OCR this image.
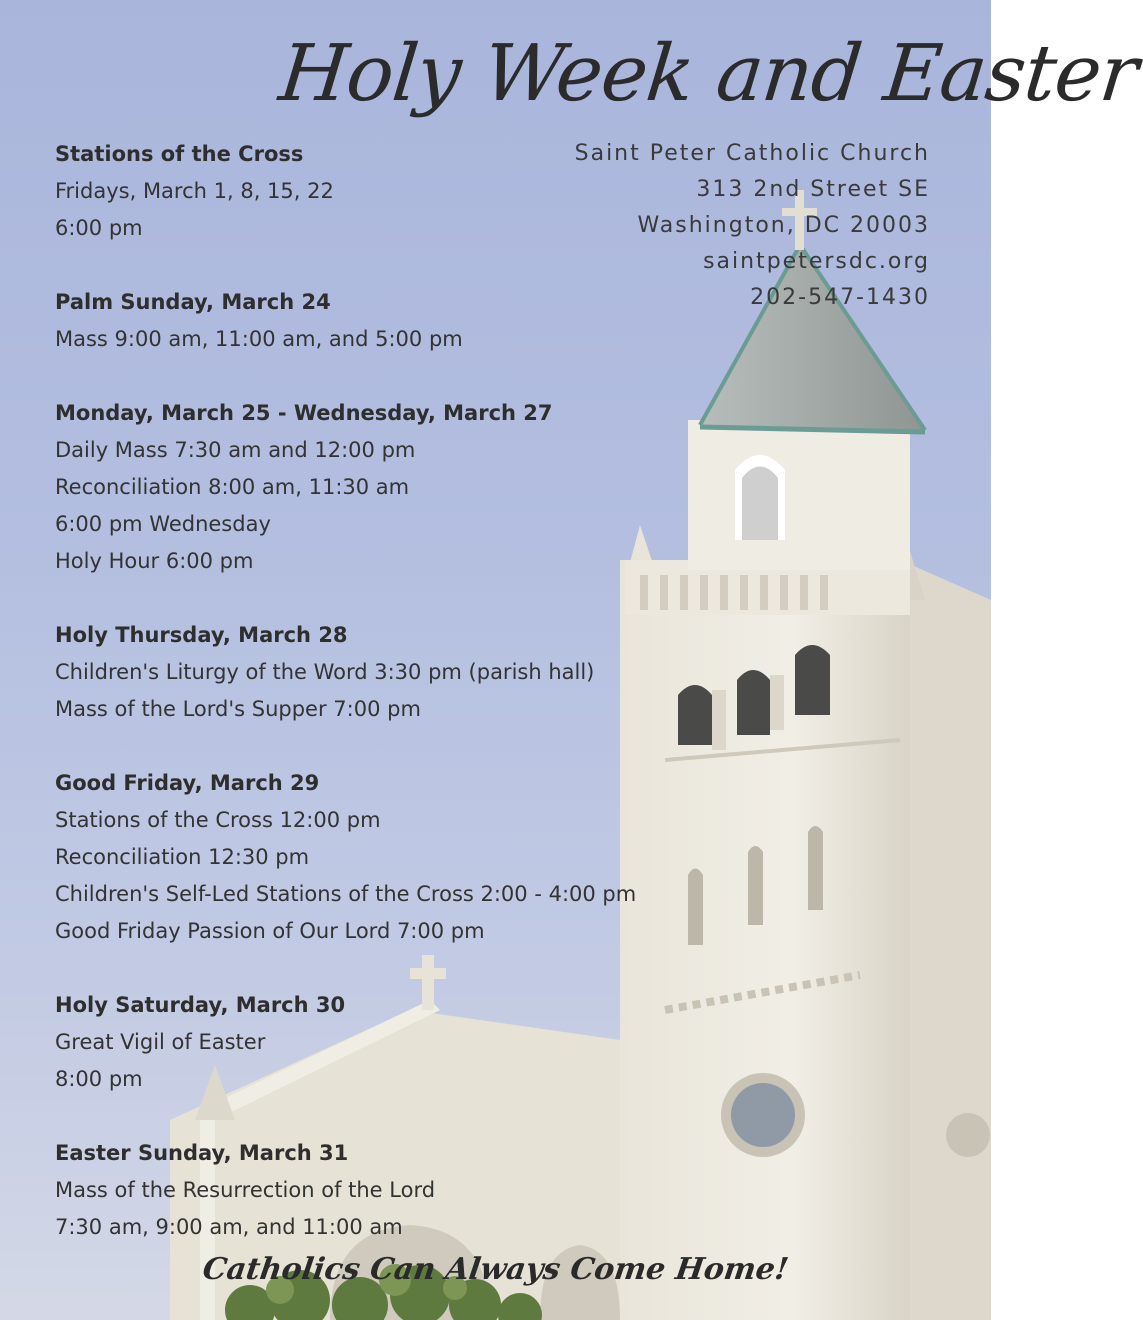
Holy Week and Easter
Saint Peter Catholic Church
313 2nd Street SE
Washington, DC 20003
saintpetersdc.org
202-547-1430
Stations of the Cross
Fridays, March 1, 8, 15, 22
6:00 pm
Palm Sunday, March 24
Mass 9:00 am, 11:00 am, and 5:00 pm
Monday, March 25 - Wednesday, March 27
Daily Mass 7:30 am and 12:00 pm
Reconciliation 8:00 am, 11:30 am
6:00 pm Wednesday
Holy Hour 6:00 pm
Holy Thursday, March 28
Children's Liturgy of the Word 3:30 pm (parish hall)
Mass of the Lord's Supper 7:00 pm
Good Friday, March 29
Stations of the Cross 12:00 pm
Reconciliation 12:30 pm
Children's Self-Led Stations of the Cross 2:00 - 4:00 pm
Good Friday Passion of Our Lord 7:00 pm
Holy Saturday, March 30
Great Vigil of Easter
8:00 pm
Easter Sunday, March 31
Mass of the Resurrection of the Lord
7:30 am, 9:00 am, and 11:00 am
Catholics Can Always Come Home!
